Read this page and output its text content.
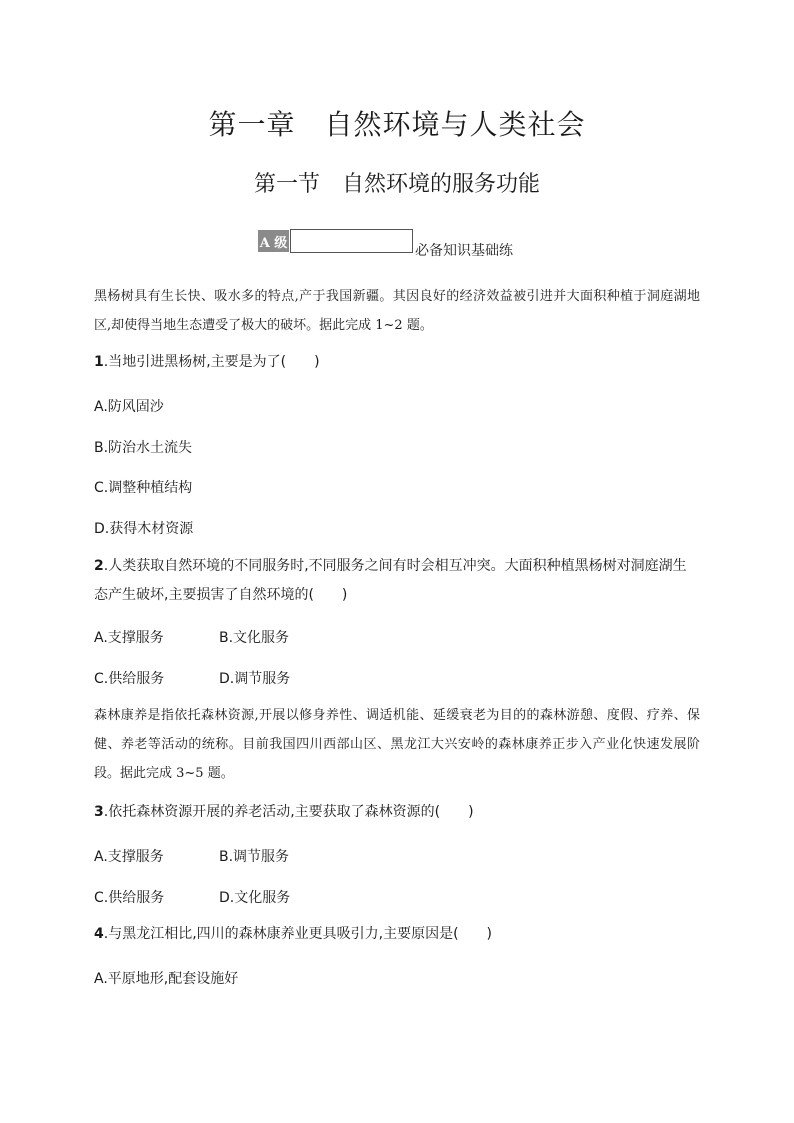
第一章　自然环境与人类社会
第一节　自然环境的服务功能
A 级	必备知识基础练

黑杨树具有生长快、吸水多的特点,产于我国新疆。其因良好的经济效益被引进并大面积种植于洞庭湖地区,却使得当地生态遭受了极大的破坏。据此完成 1~2 题。

1.当地引进黑杨树,主要是为了(　　)

A.防风固沙

B.防治水土流失

C.调整种植结构

D.获得木材资源

2.人类获取自然环境的不同服务时,不同服务之间有时会相互冲突。大面积种植黑杨树对洞庭湖生态产生破坏,主要损害了自然环境的(　　)

A.支撑服务	B.文化服务

C.供给服务	D.调节服务

森林康养是指依托森林资源,开展以修身养性、调适机能、延缓衰老为目的的森林游憩、度假、疗养、保健、养老等活动的统称。目前我国四川西部山区、黑龙江大兴安岭的森林康养正步入产业化快速发展阶段。据此完成 3~5 题。

3.依托森林资源开展的养老活动,主要获取了森林资源的(　　)

A.支撑服务	B.调节服务

C.供给服务	D.文化服务

4.与黑龙江相比,四川的森林康养业更具吸引力,主要原因是(　　)

A.平原地形,配套设施好
